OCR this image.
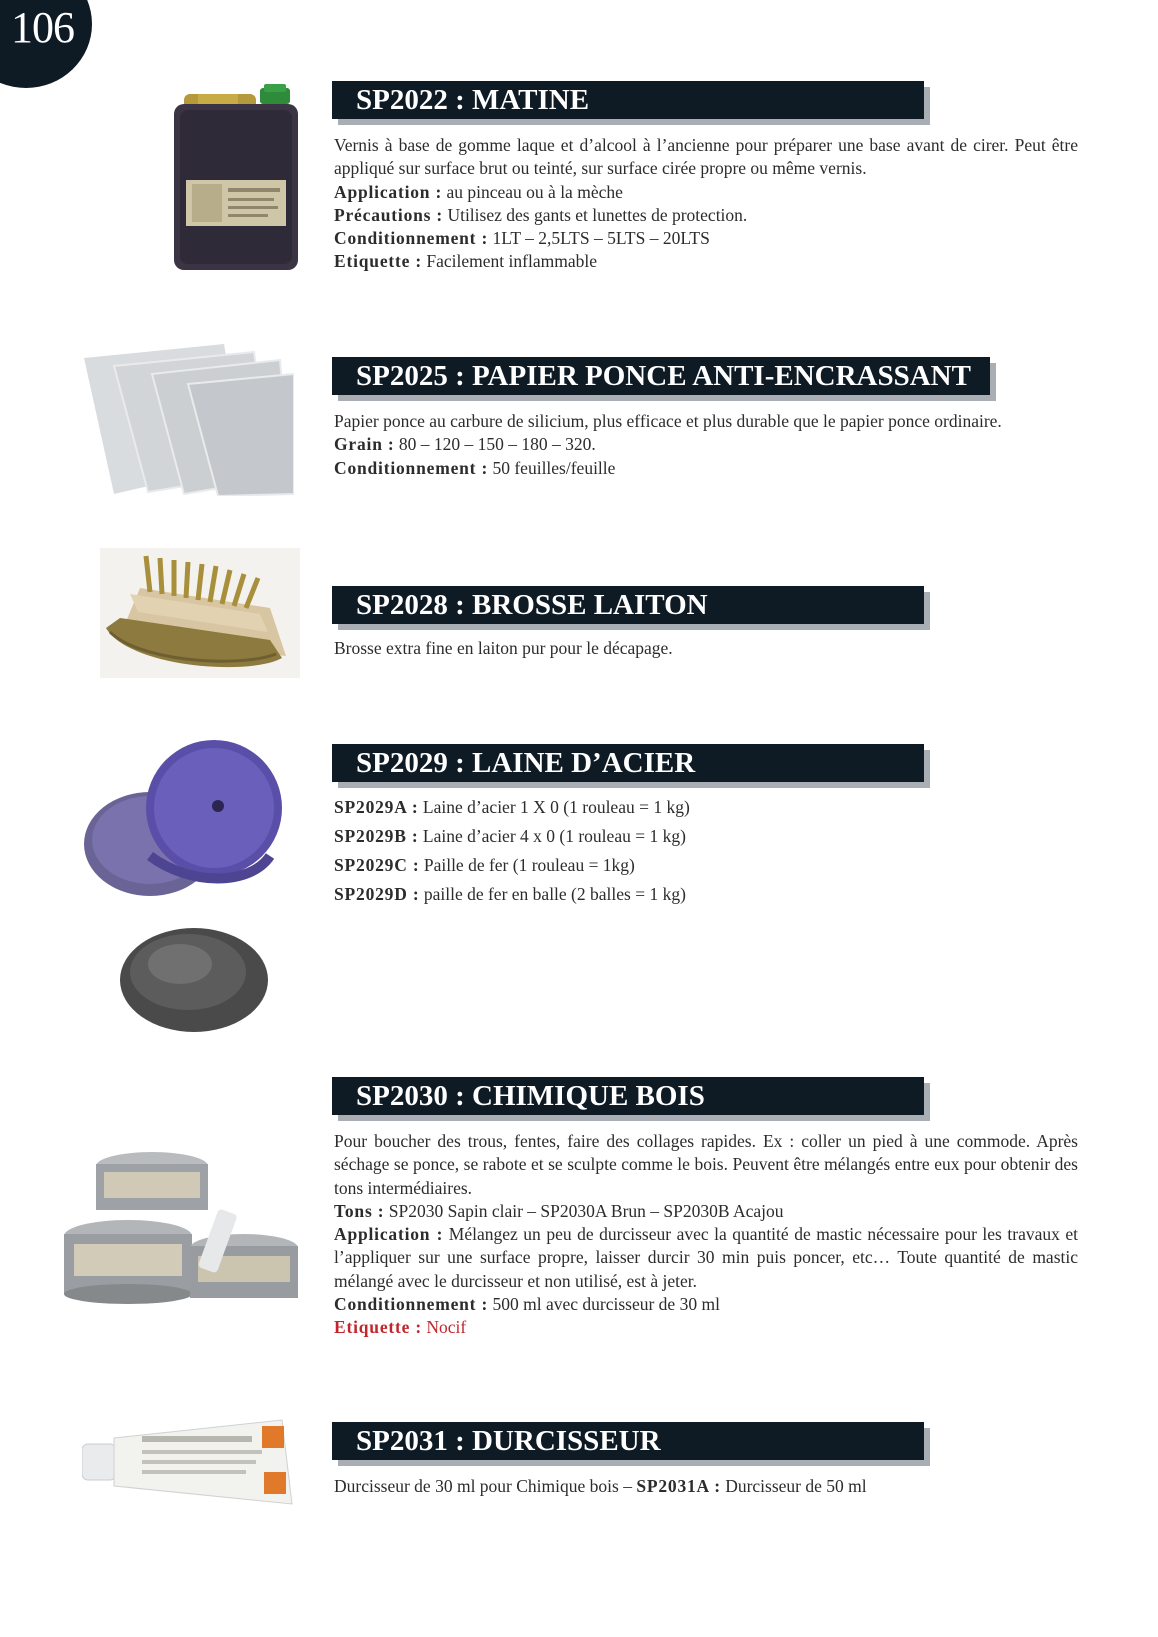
106
SP2022 : MATINE

Vernis à base de gomme laque et d’alcool à l’ancienne pour préparer une base avant de cirer. Peut être appliqué sur surface brut ou teinté, sur surface cirée propre ou même vernis.

Application : au pinceau ou à la mèche

Précautions : Utilisez des gants et lunettes de protection.

Conditionnement : 1LT – 2,5LTS – 5LTS – 20LTS

Etiquette : Facilement inflammable

SP2025 : PAPIER PONCE ANTI-ENCRASSANT

Papier ponce au carbure de silicium, plus efficace et plus durable que le papier ponce ordinaire.

Grain : 80 – 120 – 150 – 180 – 320.

Conditionnement : 50 feuilles/feuille

SP2028 : BROSSE LAITON

Brosse extra fine en laiton pur pour le décapage.

SP2029 : LAINE D’ACIER

SP2029A : Laine d’acier 1 X 0 (1 rouleau = 1 kg)

SP2029B : Laine d’acier 4 x 0 (1 rouleau = 1 kg)

SP2029C : Paille de fer (1 rouleau = 1kg)

SP2029D : paille de fer en balle (2 balles = 1 kg)

SP2030 : CHIMIQUE BOIS

Pour boucher des trous, fentes, faire des collages rapides. Ex : coller un pied à une commode. Après séchage se ponce, se rabote et se sculpte comme le bois. Peuvent être mélangés entre eux pour obtenir des tons intermédiaires.

Tons : SP2030 Sapin clair – SP2030A Brun – SP2030B Acajou

Application : Mélangez un peu de durcisseur avec la quantité de mastic nécessaire pour les travaux et l’appliquer sur une surface propre, laisser durcir 30 min puis poncer, etc… Toute quantité de mastic mélangé avec le durcisseur et non utilisé, est à jeter.

Conditionnement : 500 ml avec durcisseur de 30 ml

Etiquette : Nocif

SP2031 : DURCISSEUR

Durcisseur de 30 ml pour Chimique bois – SP2031A : Durcisseur de 50 ml
